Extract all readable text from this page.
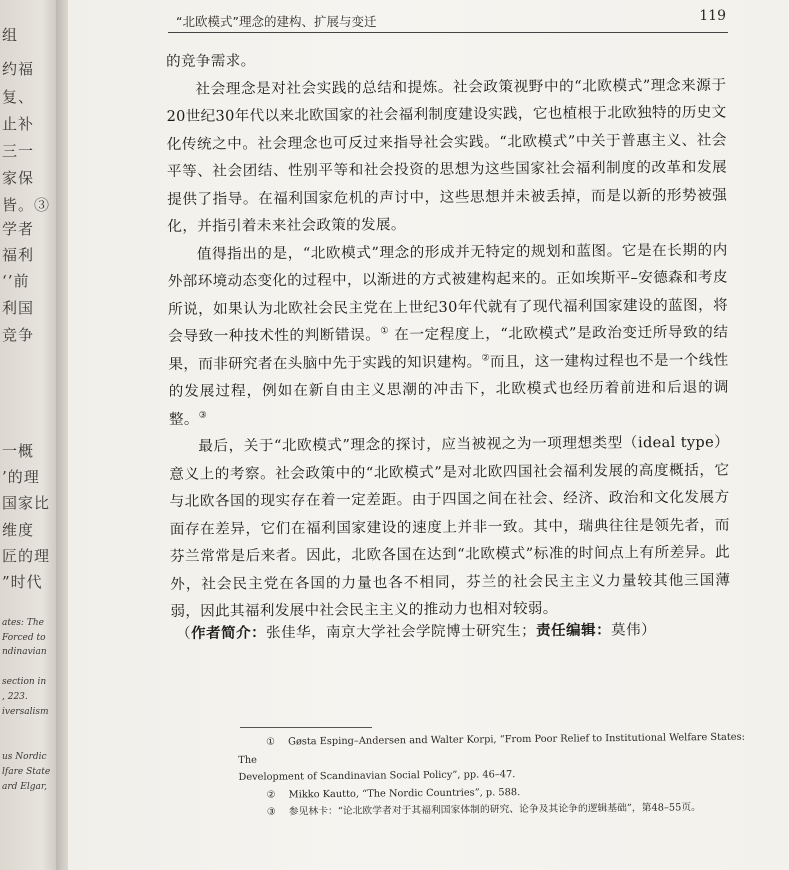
组
约福
复、
止补
三一
家保
皆。③
学者
福利
‘’前
利国
竞争
一概
’的理
国家比
维度
匠的理
”时代
ates: The
Forced to
ndinavian
section in
, 223.
iversalism
us Nordic
lfare State
ard Elgar,
“北欧模式”理念的建构、扩展与变迁	119

的竞争需求。

社会理念是对社会实践的总结和提炼。社会政策视野中的“北欧模式”理念来源于20世纪30年代以来北欧国家的社会福利制度建设实践，它也植根于北欧独特的历史文化传统之中。社会理念也可反过来指导社会实践。“北欧模式”中关于普惠主义、社会平等、社会团结、性别平等和社会投资的思想为这些国家社会福利制度的改革和发展提供了指导。在福利国家危机的声讨中，这些思想并未被丢掉，而是以新的形势被强化，并指引着未来社会政策的发展。

值得指出的是，“北欧模式”理念的形成并无特定的规划和蓝图。它是在长期的内外部环境动态变化的过程中，以渐进的方式被建构起来的。正如埃斯平–安德森和考皮所说，如果认为北欧社会民主党在上世纪30年代就有了现代福利国家建设的蓝图，将会导致一种技术性的判断错误。① 在一定程度上，“北欧模式”是政治变迁所导致的结果，而非研究者在头脑中先于实践的知识建构。②而且，这一建构过程也不是一个线性的发展过程，例如在新自由主义思潮的冲击下，北欧模式也经历着前进和后退的调整。③

最后，关于“北欧模式”理念的探讨，应当被视之为一项理想类型（ideal type）意义上的考察。社会政策中的“北欧模式”是对北欧四国社会福利发展的高度概括，它与北欧各国的现实存在着一定差距。由于四国之间在社会、经济、政治和文化发展方面存在差异，它们在福利国家建设的速度上并非一致。其中，瑞典往往是领先者，而芬兰常常是后来者。因此，北欧各国在达到“北欧模式”标准的时间点上有所差异。此外，社会民主党在各国的力量也各不相同，芬兰的社会民主主义力量较其他三国薄弱，因此其福利发展中社会民主主义的推动力也相对较弱。

（作者简介：张佳华，南京大学社会学院博士研究生；责任编辑：莫伟）

① Gøsta Esping–Andersen and Walter Korpi, “From Poor Relief to Institutional Welfare States: The
Development of Scandinavian Social Policy”, pp. 46–47.

② Mikko Kautto, “The Nordic Countries”, p. 588.

③ 参见林卡：“论北欧学者对于其福利国家体制的研究、论争及其论争的逻辑基础”，第48–55页。
